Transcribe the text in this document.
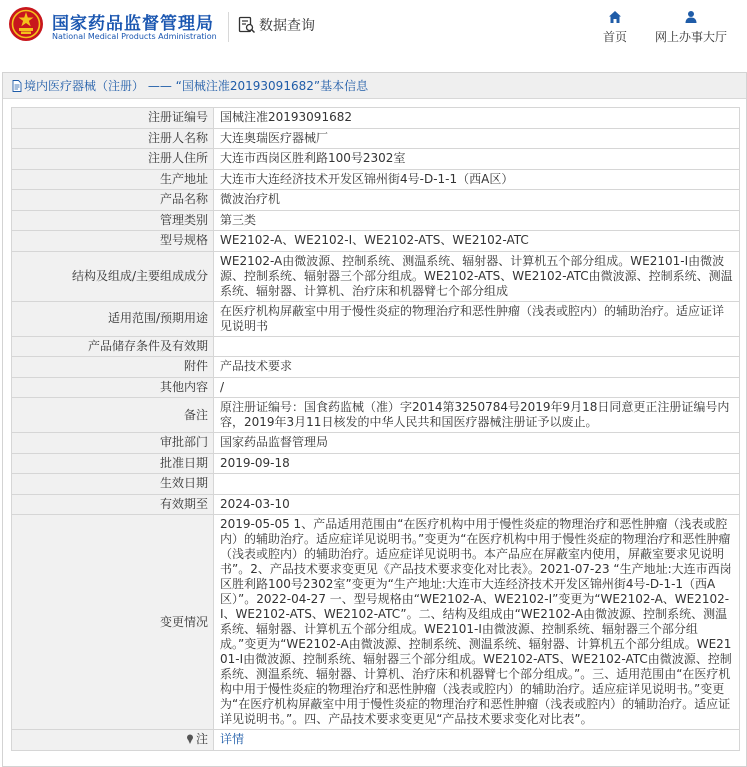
国家药品监督管理局
National Medical Products Administration
数据查询
首页	网上办事大厅
境内医疗器械（注册） —— “国械注准20193091682”基本信息
注册证编号	国械注准20193091682
注册人名称	大连奥瑞医疗器械厂
注册人住所	大连市西岗区胜利路100号2302室
生产地址	大连市大连经济技术开发区锦州街4号-D-1-1（西A区）
产品名称	微波治疗机
管理类别	第三类
型号规格	WE2102-A、WE2102-I、WE2102-ATS、WE2102-ATC
结构及组成/主要组成成分	WE2102-A由微波源、控制系统、测温系统、辐射器、计算机五个部分组成。WE2101-I由微波源、控制系统、辐射器三个部分组成。WE2102-ATS、WE2102-ATC由微波源、控制系统、测温系统、辐射器、计算机、治疗床和机器臂七个部分组成
适用范围/预期用途	在医疗机构屏蔽室中用于慢性炎症的物理治疗和恶性肿瘤（浅表或腔内）的辅助治疗。适应证详见说明书
产品储存条件及有效期	
附件	产品技术要求
其他内容	/
备注	原注册证编号：国食药监械（准）字2014第3250784号2019年9月18日同意更正注册证编号内容，2019年3月11日核发的中华人民共和国医疗器械注册证予以废止。
审批部门	国家药品监督管理局
批准日期	2019-09-18
生效日期	
有效期至	2024-03-10
变更情况	2019-05-05 1、产品适用范围由“在医疗机构中用于慢性炎症的物理治疗和恶性肿瘤（浅表或腔内）的辅助治疗。适应症详见说明书。”变更为“在医疗机构中用于慢性炎症的物理治疗和恶性肿瘤（浅表或腔内）的辅助治疗。适应症详见说明书。本产品应在屏蔽室内使用，屏蔽室要求见说明书”。2、产品技术要求变更见《产品技术要求变化对比表》。2021-07-23 “生产地址:大连市西岗区胜利路100号2302室”变更为“生产地址:大连市大连经济技术开发区锦州街4号-D-1-1（西A区）”。2022-04-27 一、型号规格由“WE2102-A、WE2102-I”变更为“WE2102-A、WE2102-I、WE2102-ATS、WE2102-ATC”。二、结构及组成由“WE2102-A由微波源、控制系统、测温系统、辐射器、计算机五个部分组成。WE2101-I由微波源、控制系统、辐射器三个部分组成。”变更为“WE2102-A由微波源、控制系统、测温系统、辐射器、计算机五个部分组成。WE2101-I由微波源、控制系统、辐射器三个部分组成。WE2102-ATS、WE2102-ATC由微波源、控制系统、测温系统、辐射器、计算机、治疗床和机器臂七个部分组成。”。三、适用范围由“在医疗机构中用于慢性炎症的物理治疗和恶性肿瘤（浅表或腔内）的辅助治疗。适应症详见说明书。”变更为“在医疗机构屏蔽室中用于慢性炎症的物理治疗和恶性肿瘤（浅表或腔内）的辅助治疗。适应证详见说明书。”。四、产品技术要求变更见“产品技术要求变化对比表”。
注	详情
